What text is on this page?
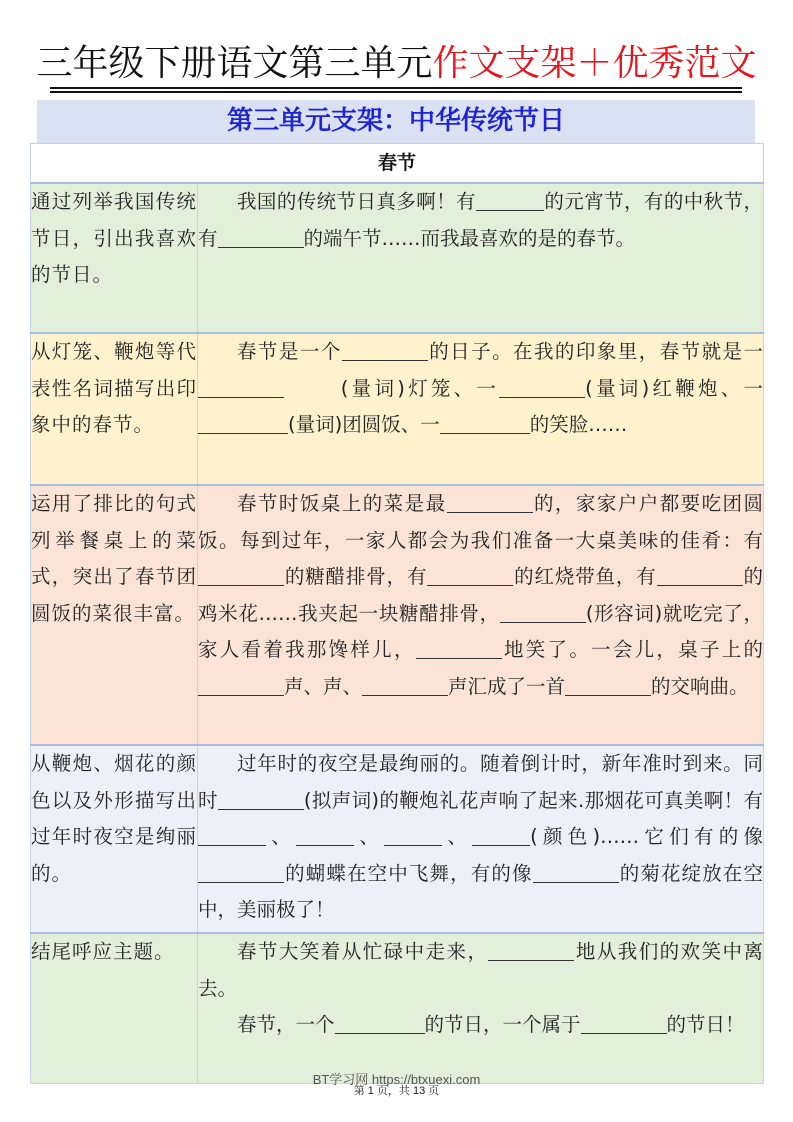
三年级下册语文第三单元作文支架＋优秀范文
第三单元支架：中华传统节日
春节	
通过列举我国传统节日，引出我喜欢的节日。	我国的传统节日真多啊！有 的元宵节，有的中秋节，有 的端午节……而我最喜欢的是的春节。

从灯笼、鞭炮等代表性名词描写出印象中的春节。	春节是一个 的日子。在我的印象里，春节就是一      (量词)灯笼、一 (量词)红鞭炮、一(量词)团圆饭、一 的笑脸……

运用了排比的句式列举餐桌上的菜式，突出了春节团圆饭的菜很丰富。	春节时饭桌上的菜是最 的，家家户户都要吃团圆饭。每到过年，一家人都会为我们准备一大桌美味的佳肴：有的糖醋排骨，有 的红烧带鱼，有 的鸡米花……我夹起一块糖醋排骨， (形容词)就吃完了，家人看着我那馋样儿， 地笑了。一会儿，桌子上的声、声、 声汇成了一首 的交响曲。

从鞭炮、烟花的颜色以及外形描写出过年时夜空是绚丽的。	过年时的夜空是最绚丽的。随着倒计时，新年准时到来。同时 (拟声词)的鞭炮礼花声响了起来.那烟花可真美啊！有、 、 、 (颜色)……它们有的像的蝴蝶在空中飞舞，有的像 的菊花绽放在空中，美丽极了！

结尾呼应主题。	春节大笑着从忙碌中走来， 地从我们的欢笑中离去。

春节，一个 的节日，一个属于 的节日！

BT学习网 https://btxuexi.com
第 1 页，共 13 页
